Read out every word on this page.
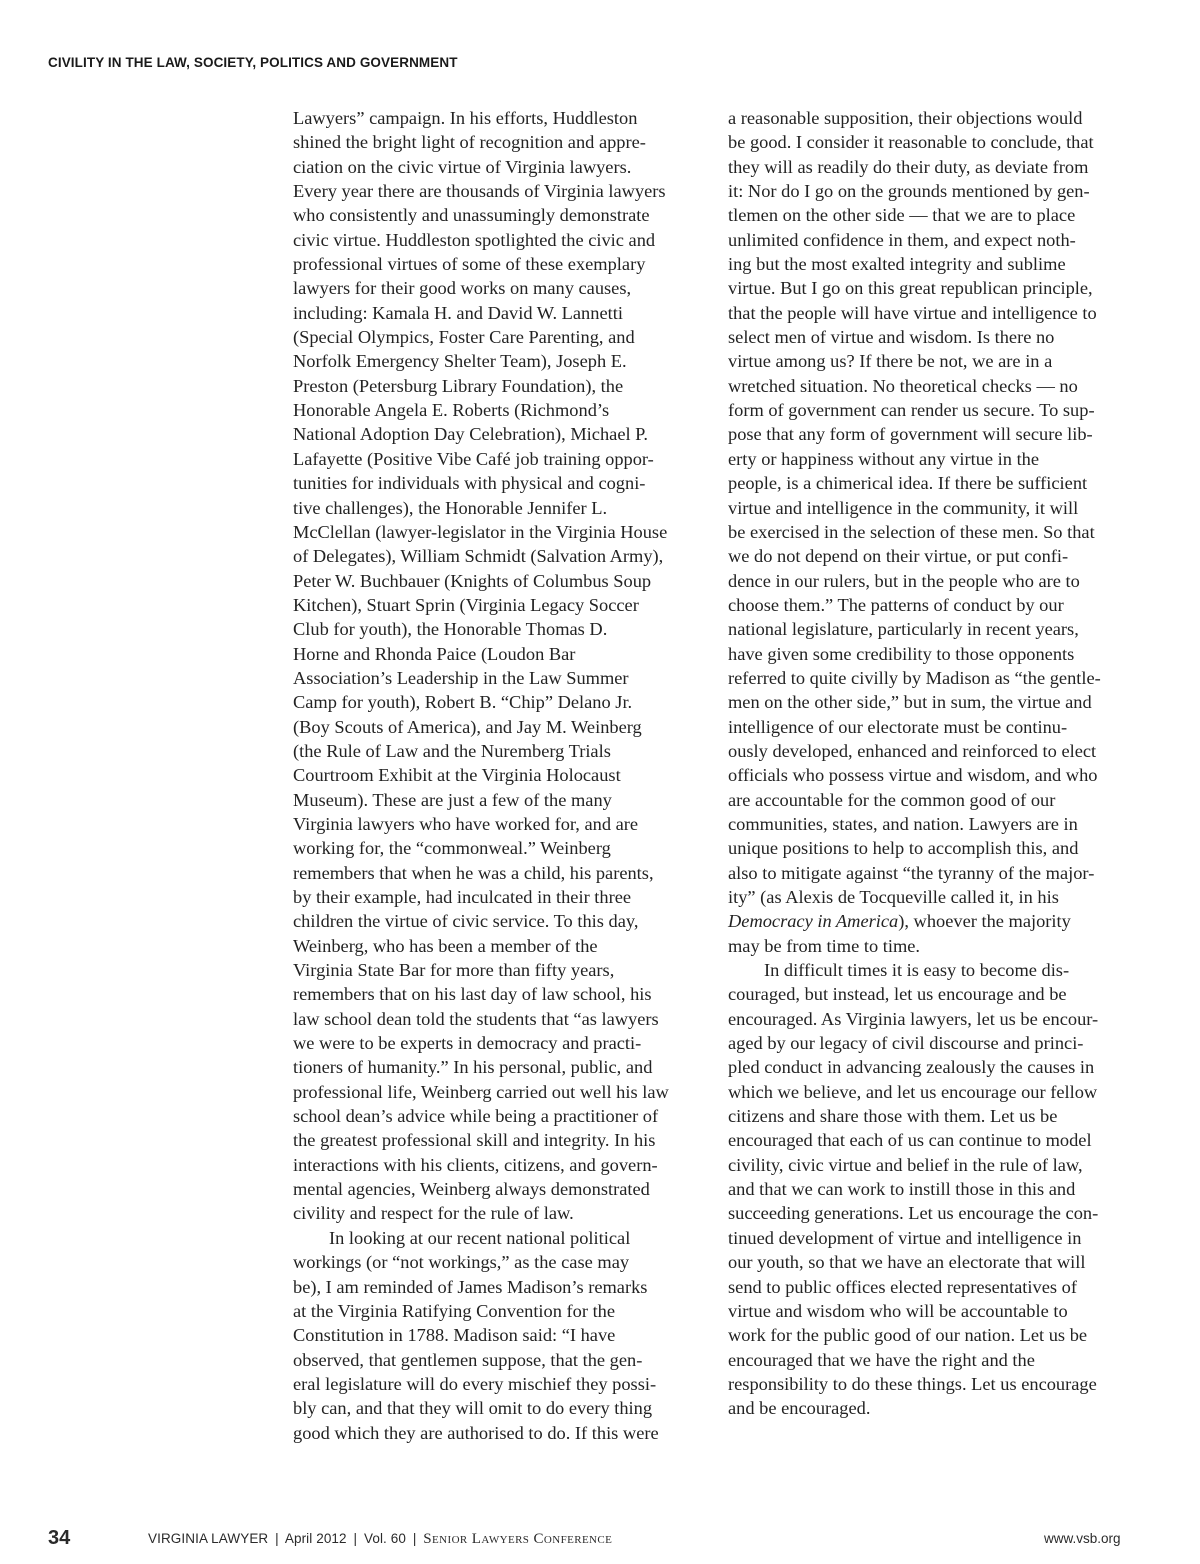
CIVILITY IN THE LAW, SOCIETY, POLITICS AND GOVERNMENT
Lawyers” campaign. In his efforts, Huddleston
shined the bright light of recognition and appre-
ciation on the civic virtue of Virginia lawyers.
Every year there are thousands of Virginia lawyers
who consistently and unassumingly demonstrate
civic virtue. Huddleston spotlighted the civic and
professional virtues of some of these exemplary
lawyers for their good works on many causes,
including: Kamala H. and David W. Lannetti
(Special Olympics, Foster Care Parenting, and
Norfolk Emergency Shelter Team), Joseph E.
Preston (Petersburg Library Foundation), the
Honorable Angela E. Roberts (Richmond’s
National Adoption Day Celebration), Michael P.
Lafayette (Positive Vibe Café job training oppor-
tunities for individuals with physical and cogni-
tive challenges), the Honorable Jennifer L.
McClellan (lawyer-legislator in the Virginia House
of Delegates), William Schmidt (Salvation Army),
Peter W. Buchbauer (Knights of Columbus Soup
Kitchen), Stuart Sprin (Virginia Legacy Soccer
Club for youth), the Honorable Thomas D.
Horne and Rhonda Paice (Loudon Bar
Association’s Leadership in the Law Summer
Camp for youth), Robert B. “Chip” Delano Jr.
(Boy Scouts of America), and Jay M. Weinberg
(the Rule of Law and the Nuremberg Trials
Courtroom Exhibit at the Virginia Holocaust
Museum). These are just a few of the many
Virginia lawyers who have worked for, and are
working for, the “commonweal.” Weinberg
remembers that when he was a child, his parents,
by their example, had inculcated in their three
children the virtue of civic service. To this day,
Weinberg, who has been a member of the
Virginia State Bar for more than fifty years,
remembers that on his last day of law school, his
law school dean told the students that “as lawyers
we were to be experts in democracy and practi-
tioners of humanity.” In his personal, public, and
professional life, Weinberg carried out well his law
school dean’s advice while being a practitioner of
the greatest professional skill and integrity. In his
interactions with his clients, citizens, and govern-
mental agencies, Weinberg always demonstrated
civility and respect for the rule of law.
In looking at our recent national political
workings (or “not workings,” as the case may
be), I am reminded of James Madison’s remarks
at the Virginia Ratifying Convention for the
Constitution in 1788. Madison said: “I have
observed, that gentlemen suppose, that the gen-
eral legislature will do every mischief they possi-
bly can, and that they will omit to do every thing
good which they are authorised to do. If this were
a reasonable supposition, their objections would
be good. I consider it reasonable to conclude, that
they will as readily do their duty, as deviate from
it: Nor do I go on the grounds mentioned by gen-
tlemen on the other side — that we are to place
unlimited confidence in them, and expect noth-
ing but the most exalted integrity and sublime
virtue. But I go on this great republican principle,
that the people will have virtue and intelligence to
select men of virtue and wisdom. Is there no
virtue among us? If there be not, we are in a
wretched situation. No theoretical checks — no
form of government can render us secure. To sup-
pose that any form of government will secure lib-
erty or happiness without any virtue in the
people, is a chimerical idea. If there be sufficient
virtue and intelligence in the community, it will
be exercised in the selection of these men. So that
we do not depend on their virtue, or put confi-
dence in our rulers, but in the people who are to
choose them.” The patterns of conduct by our
national legislature, particularly in recent years,
have given some credibility to those opponents
referred to quite civilly by Madison as “the gentle-
men on the other side,” but in sum, the virtue and
intelligence of our electorate must be continu-
ously developed, enhanced and reinforced to elect
officials who possess virtue and wisdom, and who
are accountable for the common good of our
communities, states, and nation. Lawyers are in
unique positions to help to accomplish this, and
also to mitigate against “the tyranny of the major-
ity” (as Alexis de Tocqueville called it, in his
Democracy in America), whoever the majority
may be from time to time.
In difficult times it is easy to become dis-
couraged, but instead, let us encourage and be
encouraged. As Virginia lawyers, let us be encour-
aged by our legacy of civil discourse and princi-
pled conduct in advancing zealously the causes in
which we believe, and let us encourage our fellow
citizens and share those with them. Let us be
encouraged that each of us can continue to model
civility, civic virtue and belief in the rule of law,
and that we can work to instill those in this and
succeeding generations. Let us encourage the con-
tinued development of virtue and intelligence in
our youth, so that we have an electorate that will
send to public offices elected representatives of
virtue and wisdom who will be accountable to
work for the public good of our nation. Let us be
encouraged that we have the right and the
responsibility to do these things. Let us encourage
and be encouraged.
34	VIRGINIA LAWYER | April 2012 | Vol. 60 | Senior Lawyers Conference	www.vsb.org
